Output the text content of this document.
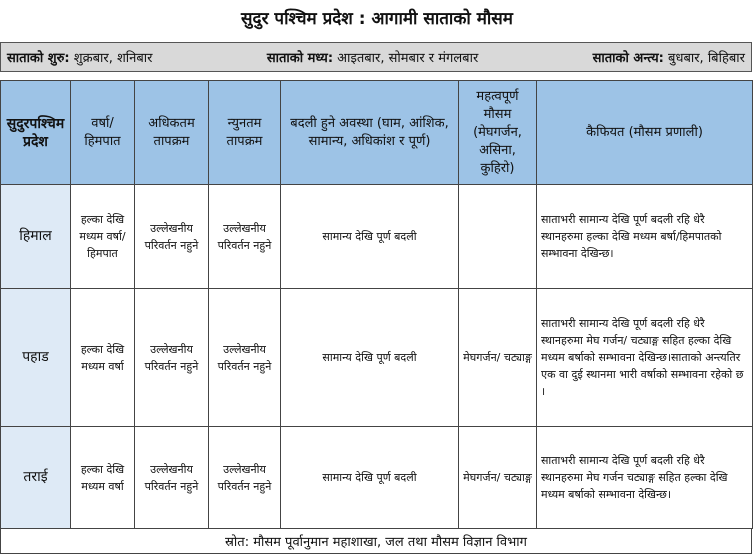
सुदुर पश्चिम प्रदेश : आगामी साताको मौसम
साताको शुरु: शुक्रबार, शनिबार	साताको मध्य: आइतबार, सोमबार र मंगलबार	साताको अन्त्य: बुधबार, बिहिबार
सुदुरपश्चिम प्रदेश	वर्षा/ हिमपात	अधिकतम तापक्रम	न्युनतम तापक्रम	बदली हुने अवस्था (घाम, आंशिक, सामान्य, अधिकांश र पूर्ण)	महत्वपूर्ण मौसम (मेघगर्जन, असिना, कुहिरो)	कैफियत (मौसम प्रणाली)
हिमाल	हल्का देखि मध्यम वर्षा/ हिमपात	उल्लेखनीय परिवर्तन नहुने	उल्लेखनीय परिवर्तन नहुने	सामान्य देखि पूर्ण बदली		साताभरी सामान्य देखि पूर्ण बदली रहि धेरै स्थानहरुमा हल्का देखि मध्यम बर्षा/हिमपातको सम्भावना देखिन्छ।
पहाड	हल्का देखि मध्यम वर्षा	उल्लेखनीय परिवर्तन नहुने	उल्लेखनीय परिवर्तन नहुने	सामान्य देखि पूर्ण बदली	मेघगर्जन/ चट्याङ्ग	साताभरी सामान्य देखि पूर्ण बदली रहि धेरै स्थानहरुमा मेघ गर्जन/ चट्याङ्ग सहित हल्का देखि मध्यम बर्षाको सम्भावना देखिन्छ।साताको अन्त्यतिर एक वा दुई स्थानमा भारी वर्षाको सम्भावना रहेको छ ।
तराई	हल्का देखि मध्यम वर्षा	उल्लेखनीय परिवर्तन नहुने	उल्लेखनीय परिवर्तन नहुने	सामान्य देखि पूर्ण बदली	मेघगर्जन/ चट्याङ्ग	साताभरी सामान्य देखि पूर्ण बदली रहि धेरै स्थानहरुमा मेघ गर्जन चट्याङ्ग सहित हल्का देखि मध्यम बर्षाको सम्भावना देखिन्छ।
स्रोत: मौसम पूर्वानुमान महाशाखा, जल तथा मौसम विज्ञान विभाग
